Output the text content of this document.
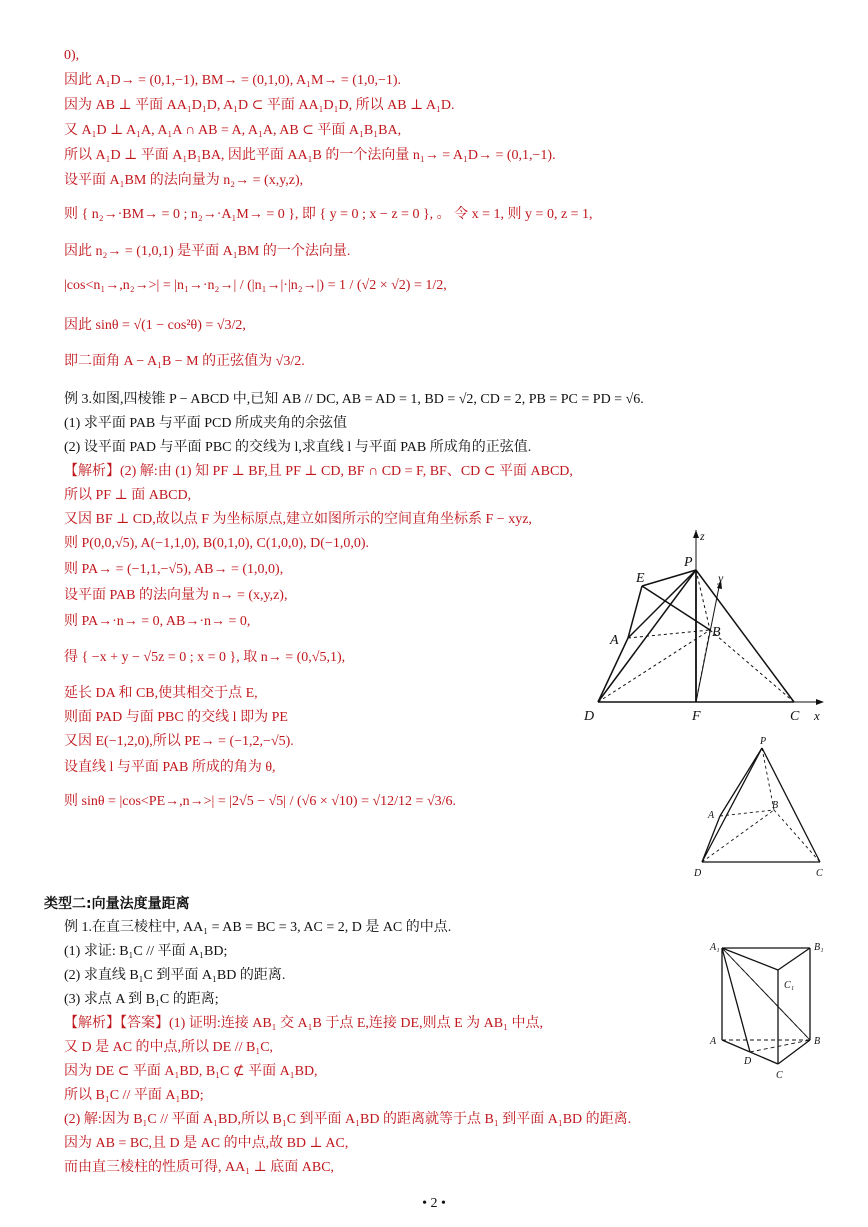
0),
因此 A₁D→ = (0,1,−1), BM→ = (0,1,0), A₁M→ = (1,0,−1).
因为 AB ⊥ 平面 AA₁D₁D, A₁D ⊂ 平面 AA₁D₁D, 所以 AB ⊥ A₁D.
又 A₁D ⊥ A₁A, A₁A ∩ AB = A, A₁A, AB ⊂ 平面 A₁B₁BA,
所以 A₁D ⊥ 平面 A₁B₁BA, 因此平面 AA₁B 的一个法向量 n₁→ = A₁D→ = (0,1,−1).
设平面 A₁BM 的法向量为 n₂→ = (x,y,z),
则 { n₂→·BM→ = 0 ; n₂→·A₁M→ = 0 }, 即 { y = 0 ; x − z = 0 }, 。 令 x = 1, 则 y = 0, z = 1,
因此 n₂→ = (1,0,1) 是平面 A₁BM 的一个法向量.
|cos<n₁→,n₂→>| = |n₁→·n₂→| / (|n₁→|·|n₂→|) = 1 / (√2 × √2) = 1/2,
因此 sinθ = √(1 − cos²θ) = √3/2,
即二面角 A − A₁B − M 的正弦值为 √3/2.
例 3.如图,四棱锥 P − ABCD 中,已知 AB // DC, AB = AD = 1, BD = √2, CD = 2, PB = PC = PD = √6.
(1) 求平面 PAB 与平面 PCD 所成夹角的余弦值
(2) 设平面 PAD 与平面 PBC 的交线为 l,求直线 l 与平面 PAB 所成角的正弦值.
【解析】(2) 解:由 (1) 知 PF ⊥ BF,且 PF ⊥ CD, BF ∩ CD = F, BF、CD ⊂ 平面 ABCD,
所以 PF ⊥ 面 ABCD,
又因 BF ⊥ CD,故以点 F 为坐标原点,建立如图所示的空间直角坐标系 F − xyz,
则 P(0,0,√5), A(−1,1,0), B(0,1,0), C(1,0,0), D(−1,0,0).
则 PA→ = (−1,1,−√5), AB→ = (1,0,0),
设平面 PAB 的法向量为 n→ = (x,y,z),
则 PA→·n→ = 0, AB→·n→ = 0,
得 { −x + y − √5z = 0 ; x = 0 }, 取 n→ = (0,√5,1),
延长 DA 和 CB,使其相交于点 E,
则面 PAD 与面 PBC 的交线 l 即为 PE
又因 E(−1,2,0),所以 PE→ = (−1,2,−√5).
设直线 l 与平面 PAB 所成的角为 θ,
则 sinθ = |cos<PE→,n→>| = |2√5 − √5| / (√6 × √10) = √12/12 = √3/6.
z
P
y
E
A
B
D	F	C x
P
A
B
D	C
类型二:向量法度量距离
例 1.在直三棱柱中, AA₁ = AB = BC = 3, AC = 2, D 是 AC 的中点.
(1) 求证: B₁C // 平面 A₁BD;
(2) 求直线 B₁C 到平面 A₁BD 的距离.
(3) 求点 A 到 B₁C 的距离;
【解析】【答案】(1) 证明:连接 AB₁ 交 A₁B 于点 E,连接 DE,则点 E 为 AB₁ 中点,
又 D 是 AC 的中点,所以 DE // B₁C,
因为 DE ⊂ 平面 A₁BD, B₁C ⊄ 平面 A₁BD,
所以 B₁C // 平面 A₁BD;
(2) 解:因为 B₁C // 平面 A₁BD,所以 B₁C 到平面 A₁BD 的距离就等于点 B₁ 到平面 A₁BD 的距离.
因为 AB = BC,且 D 是 AC 的中点,故 BD ⊥ AC,
而由直三棱柱的性质可得, AA₁ ⊥ 底面 ABC,
A₁	B₁
C₁
A	B
D
C
• 2 •
